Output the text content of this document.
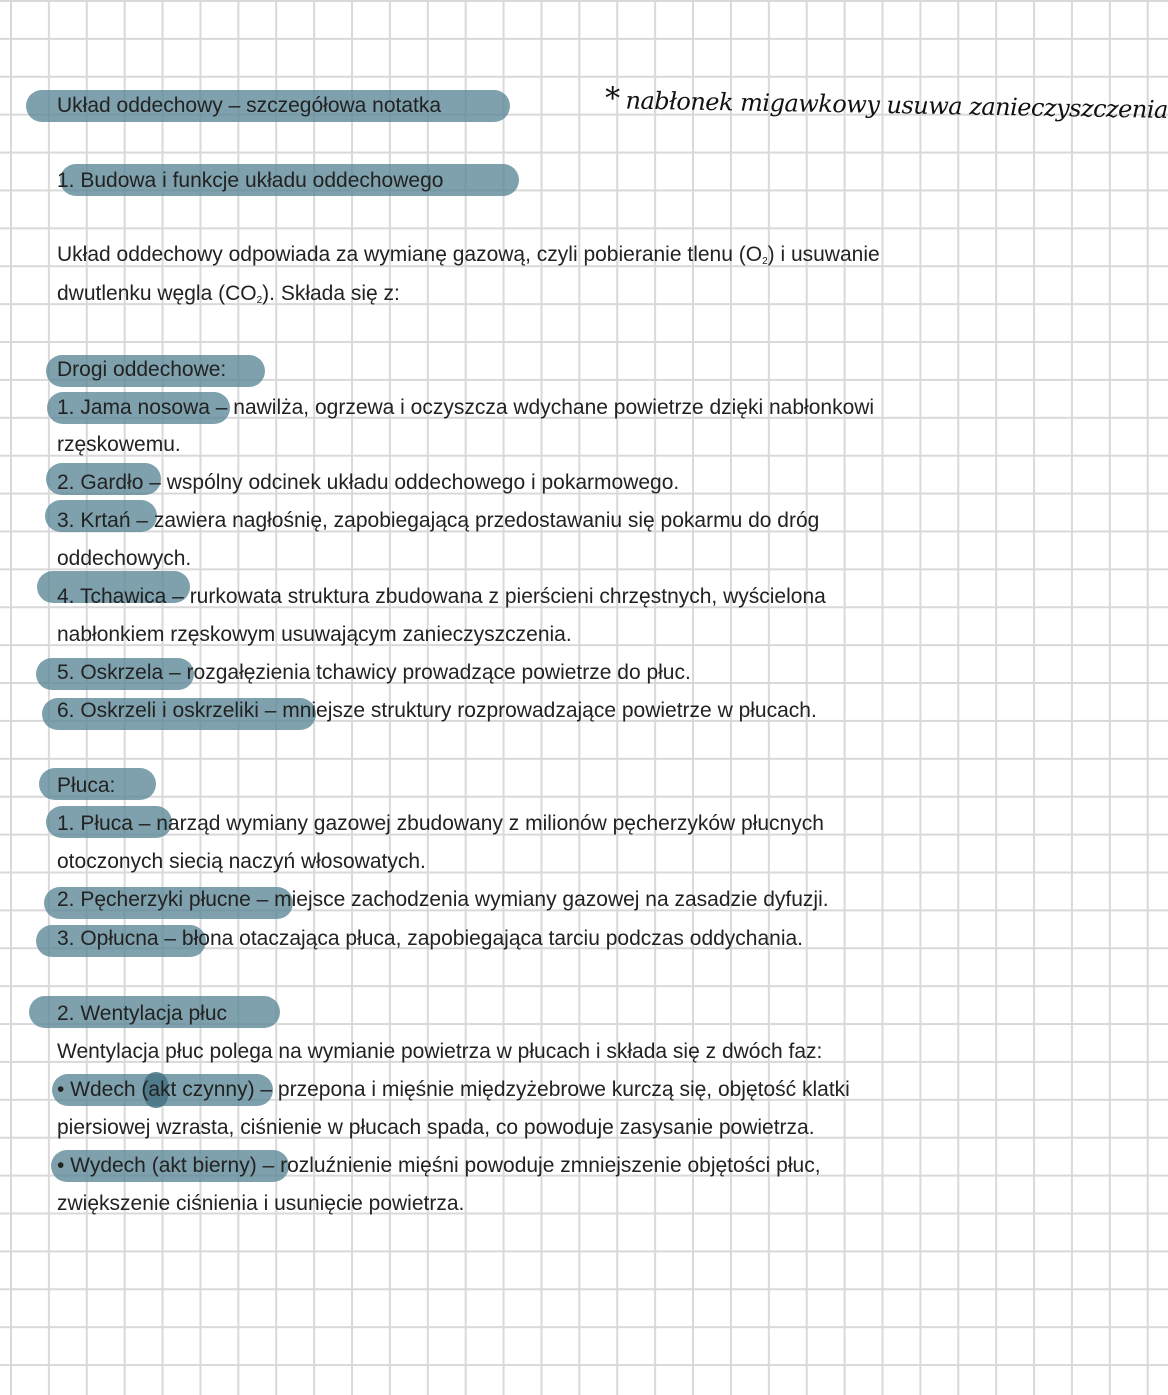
Układ oddechowy – szczegółowa notatka	* nabłonek migawkowy usuwa zanieczyszczenia
1. Budowa i funkcje układu oddechowego
Układ oddechowy odpowiada za wymianę gazową, czyli pobieranie tlenu $(O_2)$ i usuwanie
dwutlenku węgla $(CO_2)$. Składa się z:
Drogi oddechowe:
1. Jama nosowa – nawilża, ogrzewa i oczyszcza wdychane powietrze dzięki nabłonkowi
rzęskowemu.
2. Gardło – wspólny odcinek układu oddechowego i pokarmowego.
3. Krtań – zawiera nagłośnię, zapobiegającą przedostawaniu się pokarmu do dróg
oddechowych.
4. Tchawica – rurkowata struktura zbudowana z pierścieni chrzęstnych, wyścielona
nabłonkiem rzęskowym usuwającym zanieczyszczenia.
5. Oskrzela – rozgałęzienia tchawicy prowadzące powietrze do płuc.
6. Oskrzeli i oskrzeliki – mniejsze struktury rozprowadzające powietrze w płucach.
Płuca:
1. Płuca – narząd wymiany gazowej zbudowany z milionów pęcherzyków płucnych
otoczonych siecią naczyń włosowatych.
2. Pęcherzyki płucne – miejsce zachodzenia wymiany gazowej na zasadzie dyfuzji.
3. Opłucna – błona otaczająca płuca, zapobiegająca tarciu podczas oddychania.
2. Wentylacja płuc
Wentylacja płuc polega na wymianie powietrza w płucach i składa się z dwóch faz:
• Wdech (akt czynny) – przepona i mięśnie międzyżebrowe kurczą się, objętość klatki
piersiowej wzrasta, ciśnienie w płucach spada, co powoduje zasysanie powietrza.
• Wydech (akt bierny) – rozluźnienie mięśni powoduje zmniejszenie objętości płuc,
zwiększenie ciśnienia i usunięcie powietrza.
